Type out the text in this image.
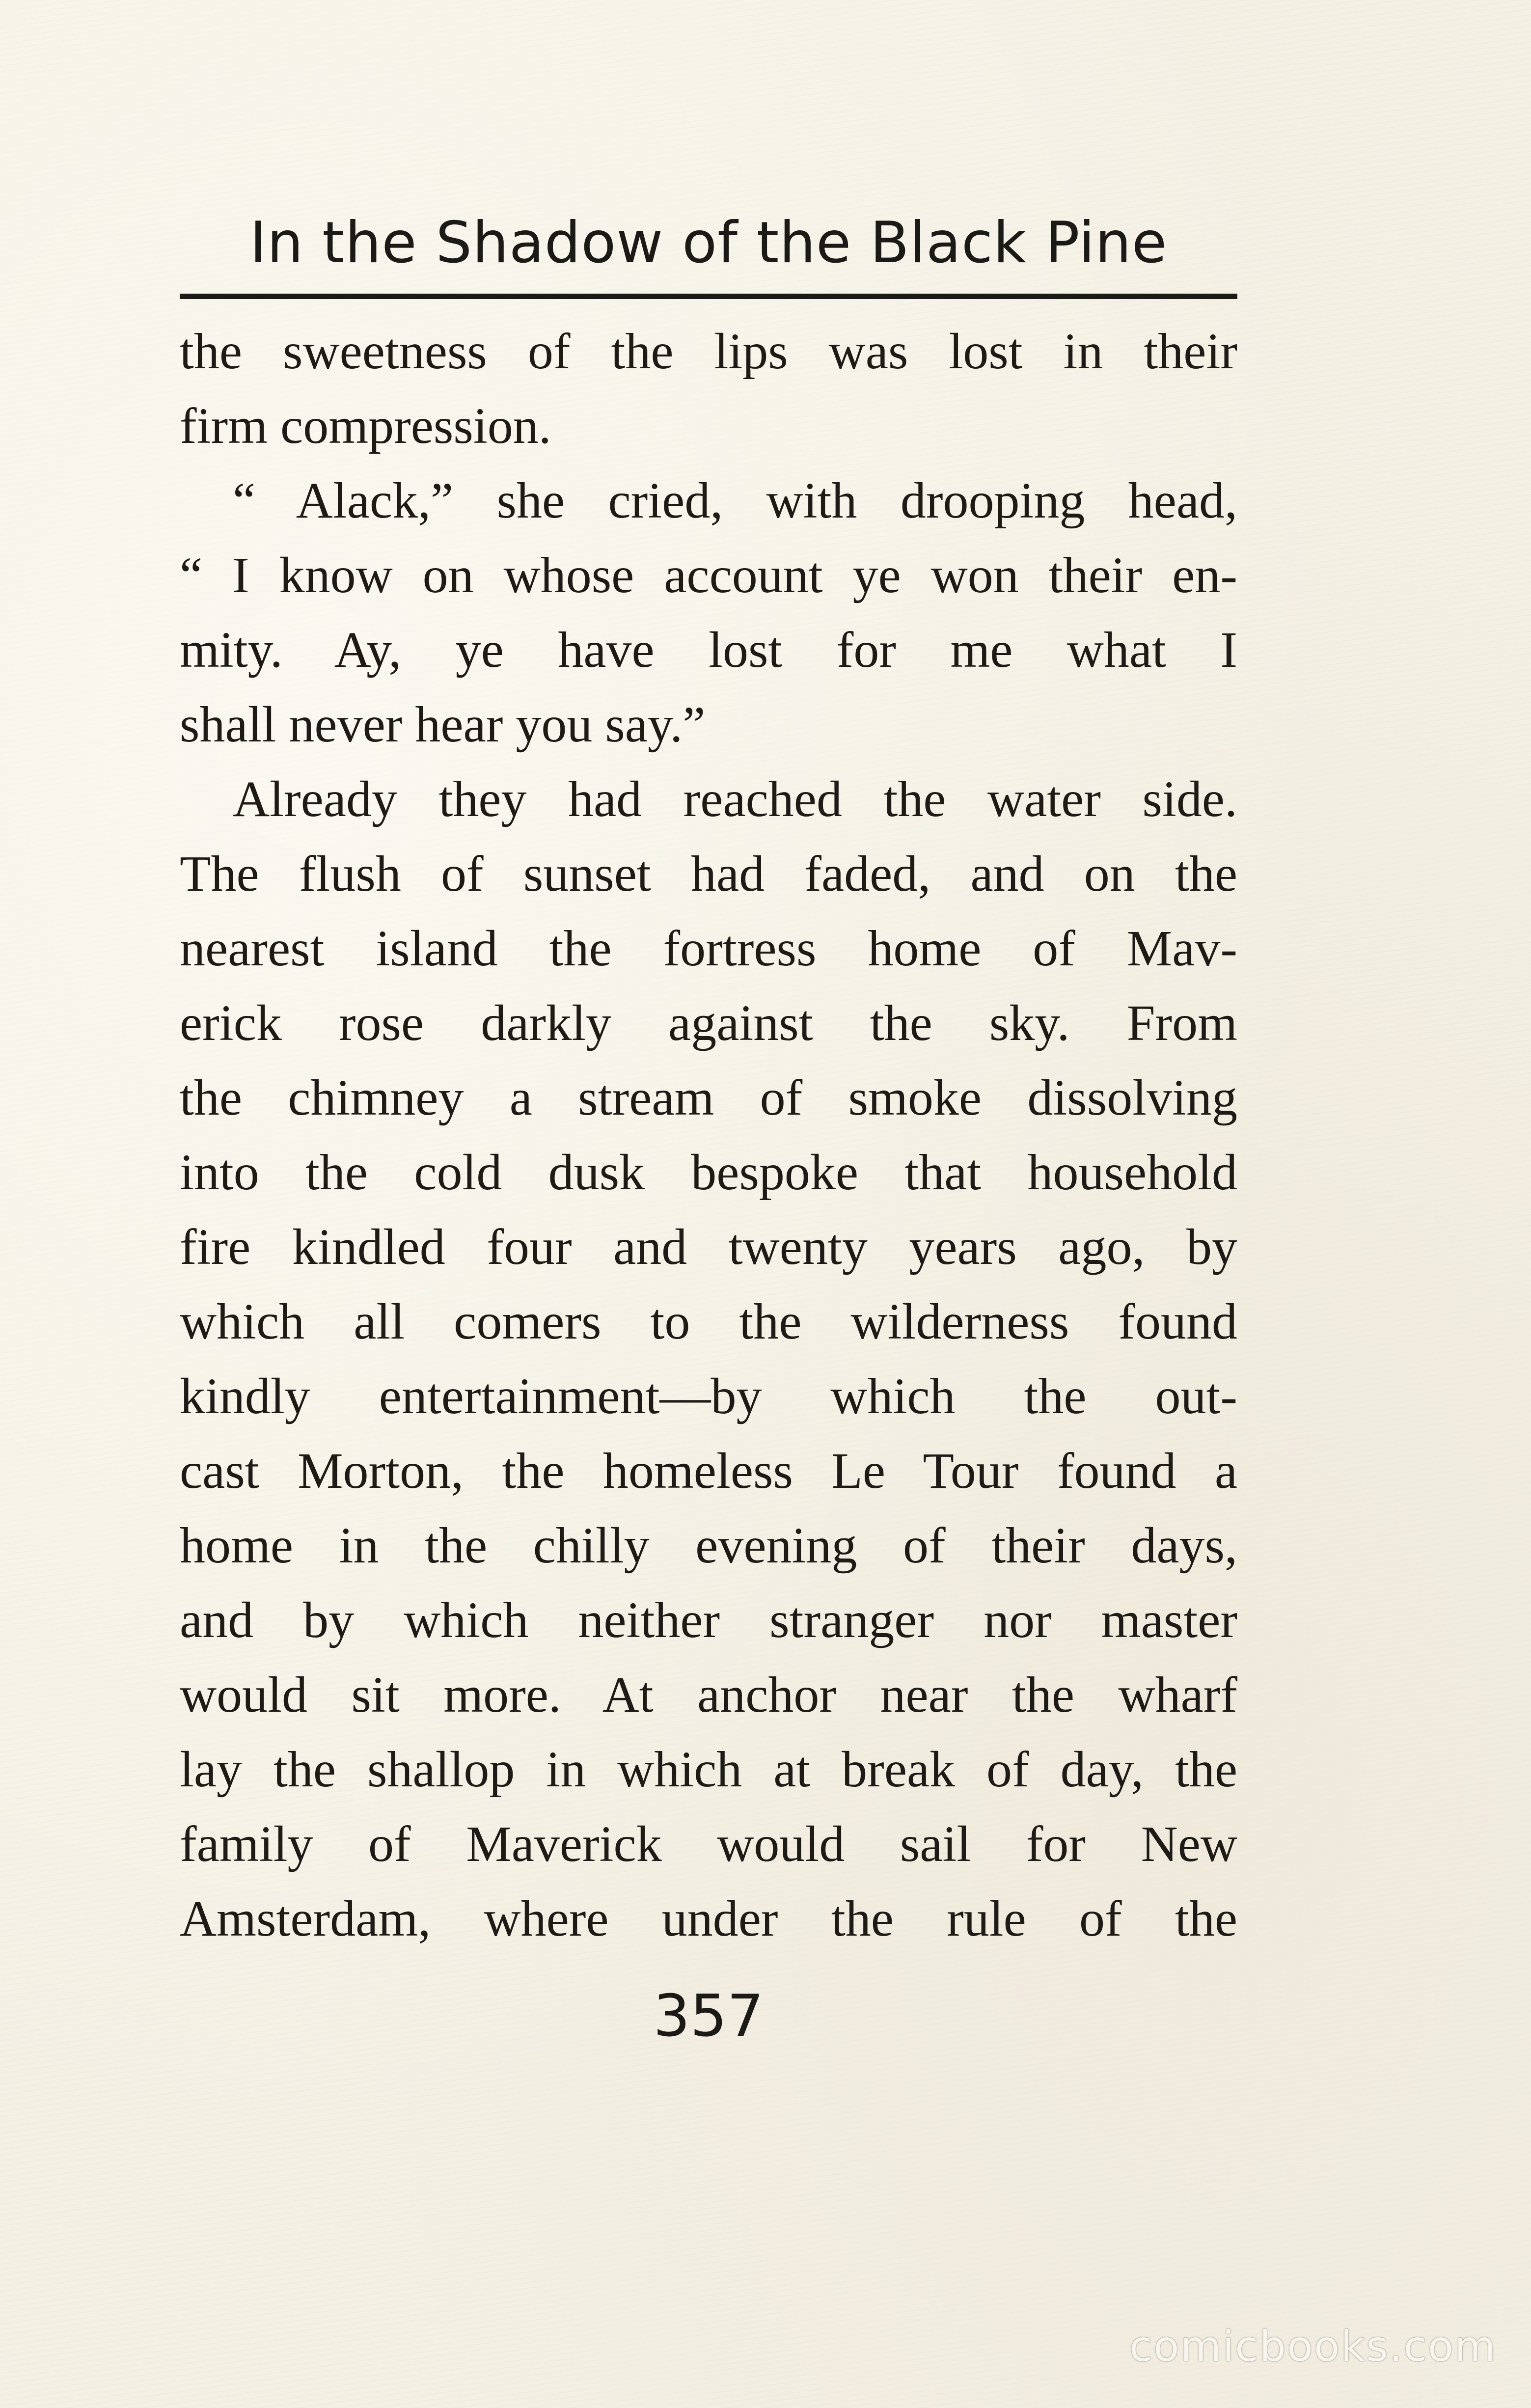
In the Shadow of the Black Pine
the sweetness of the lips was lost in their
firm compression.
“ Alack,” she cried, with drooping head,
“ I know on whose account ye won their en-
mity. Ay, ye have lost for me what I
shall never hear you say.”
Already they had reached the water side.
The flush of sunset had faded, and on the
nearest island the fortress home of Mav-
erick rose darkly against the sky. From
the chimney a stream of smoke dissolving
into the cold dusk bespoke that household
fire kindled four and twenty years ago, by
which all comers to the wilderness found
kindly entertainment—by which the out-
cast Morton, the homeless Le Tour found a
home in the chilly evening of their days,
and by which neither stranger nor master
would sit more. At anchor near the wharf
lay the shallop in which at break of day, the
family of Maverick would sail for New
Amsterdam, where under the rule of the
357
comicbooks.com
